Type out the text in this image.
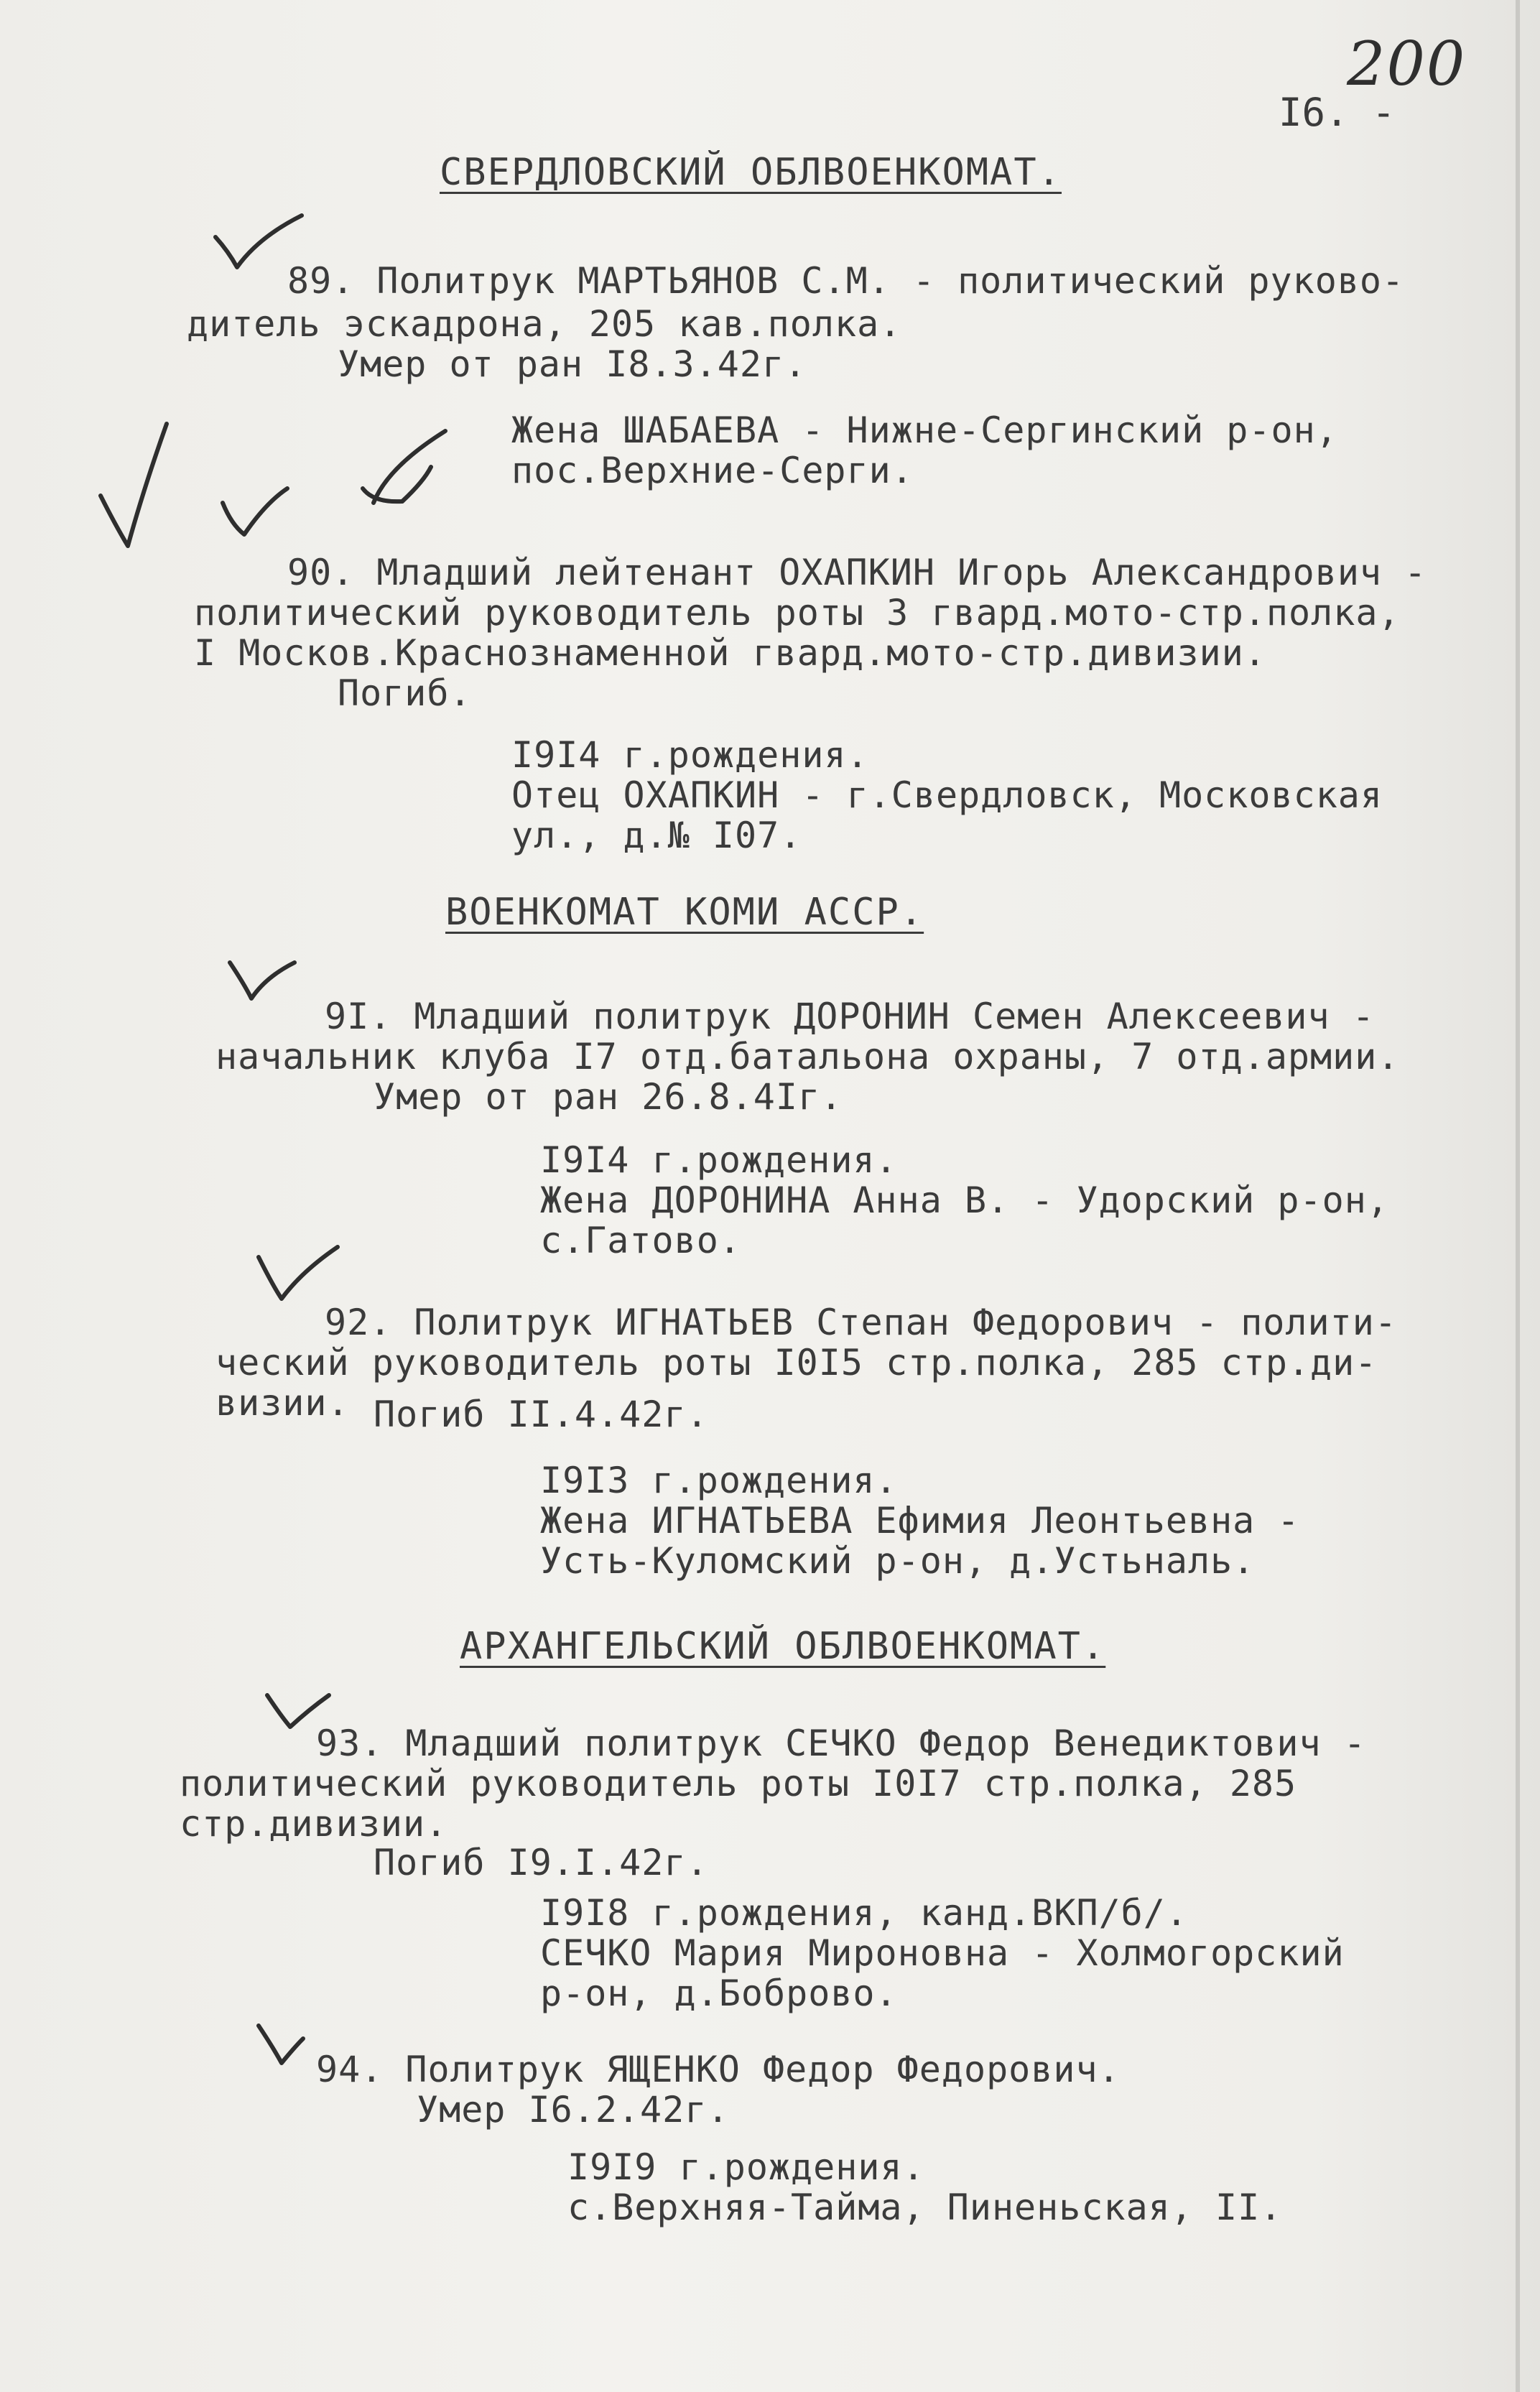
200
I6. -
СВЕРДЛОВСКИЙ ОБЛВОЕНКОМАТ.
89. Политрук МАРТЬЯНОВ С.М. - политический руково-
дитель эскадрона, 205 кав.полка.
Умер от ран I8.3.42г.
Жена ШАБАЕВА - Нижне-Сергинский р-он,
пос.Верхние-Серги.
90. Младший лейтенант ОХАПКИН Игорь Александрович -
политический руководитель роты 3 гвард.мото-стр.полка,
I Москов.Краснознаменной гвард.мото-стр.дивизии.
Погиб.
I9I4 г.рождения.
Отец ОХАПКИН - г.Свердловск, Московская
ул., д.№ I07.
ВОЕНКОМАТ КОМИ АССР.
9I. Младший политрук ДОРОНИН Семен Алексеевич -
начальник клуба I7 отд.батальона охраны, 7 отд.армии.
Умер от ран 26.8.4Iг.
I9I4 г.рождения.
Жена ДОРОНИНА Анна В. - Удорский р-он,
с.Гатово.
92. Политрук ИГНАТЬЕВ Степан Федорович - полити-
ческий руководитель роты I0I5 стр.полка, 285 стр.ди-
визии. Погиб II.4.42г.
I9I3 г.рождения.
Жена ИГНАТЬЕВА Ефимия Леонтьевна -
Усть-Куломский р-он, д.Устьналь.
АРХАНГЕЛЬСКИЙ ОБЛВОЕНКОМАТ.
93. Младший политрук СЕЧКО Федор Венедиктович -
политический руководитель роты I0I7 стр.полка, 285
стр.дивизии.
Погиб I9.I.42г.
I9I8 г.рождения, канд.ВКП/б/.
СЕЧКО Мария Мироновна - Холмогорский
р-он, д.Боброво.
94. Политрук ЯЩЕНКО Федор Федорович.
Умер I6.2.42г.
I9I9 г.рождения.
с.Верхняя-Тайма, Пиненьская, II.
